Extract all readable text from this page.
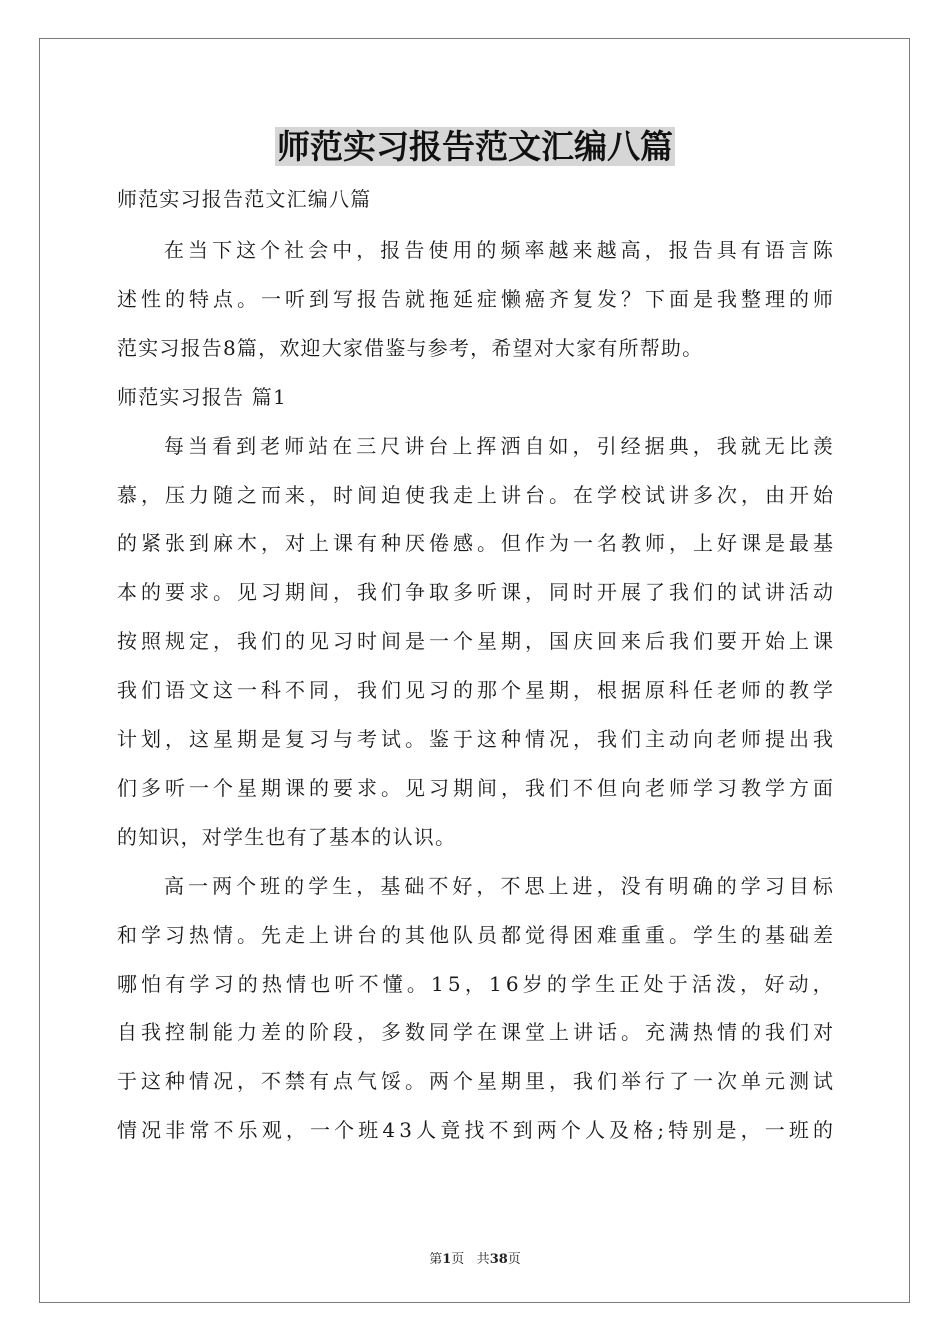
师范实习报告范文汇编八篇
师范实习报告范文汇编八篇
在 当 下 这 个 社 会 中 ， 报 告 使 用 的 频 率 越 来 越 高 ， 报 告 具 有 语 言 陈
述 性 的 特 点 。 一 听 到 写 报 告 就 拖 延 症 懒 癌 齐 复 发 ？ 下 面 是 我 整 理 的 师
范实习报告8篇，欢迎大家借鉴与参考，希望对大家有所帮助。
师范实习报告 篇1
每 当 看 到 老 师 站 在 三 尺 讲 台 上 挥 洒 自 如 ， 引 经 据 典 ， 我 就 无 比 羡
慕 ， 压 力 随 之 而 来 ， 时 间 迫 使 我 走 上 讲 台 。 在 学 校 试 讲 多 次 ， 由 开 始
的 紧 张 到 麻 木 ， 对 上 课 有 种 厌 倦 感 。 但 作 为 一 名 教 师 ， 上 好 课 是 最 基
本 的 要 求 。 见 习 期 间 ， 我 们 争 取 多 听 课 ， 同 时 开 展 了 我 们 的 试 讲 活 动
按 照 规 定 ， 我 们 的 见 习 时 间 是 一 个 星 期 ， 国 庆 回 来 后 我 们 要 开 始 上 课
我 们 语 文 这 一 科 不 同 ， 我 们 见 习 的 那 个 星 期 ， 根 据 原 科 任 老 师 的 教 学
计 划 ， 这 星 期 是 复 习 与 考 试 。 鉴 于 这 种 情 况 ， 我 们 主 动 向 老 师 提 出 我
们 多 听 一 个 星 期 课 的 要 求 。 见 习 期 间 ， 我 们 不 但 向 老 师 学 习 教 学 方 面
的知识，对学生也有了基本的认识。
高 一 两 个 班 的 学 生 ， 基 础 不 好 ， 不 思 上 进 ， 没 有 明 确 的 学 习 目 标
和 学 习 热 情 。 先 走 上 讲 台 的 其 他 队 员 都 觉 得 困 难 重 重 。 学 生 的 基 础 差
哪 怕 有 学 习 的 热 情 也 听 不 懂 。 1 5 ， 1 6 岁 的 学 生 正 处 于 活 泼 ， 好 动 ，
自 我 控 制 能 力 差 的 阶 段 ， 多 数 同 学 在 课 堂 上 讲 话 。 充 满 热 情 的 我 们 对
于 这 种 情 况 ， 不 禁 有 点 气 馁 。 两 个 星 期 里 ， 我 们 举 行 了 一 次 单 元 测 试
情 况 非 常 不 乐 观 ， 一 个 班 4 3 人 竟 找 不 到 两 个 人 及 格 ; 特 别 是 ， 一 班 的
第1页 共38页
